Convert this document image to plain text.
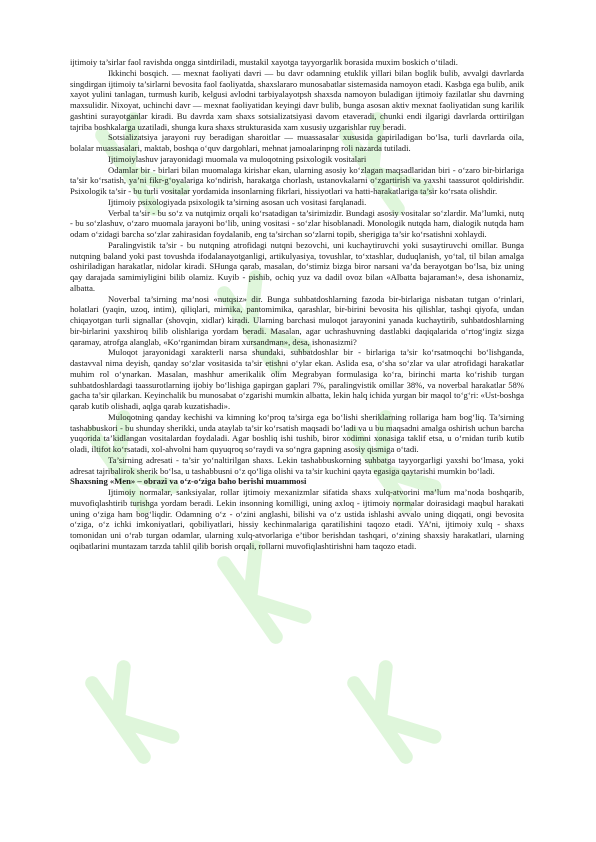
ijtimoiy ta’sirlar faol ravishda ongga sintdiriladi, mustakil xayotga tayyorgarlik borasida muxim boskich o‘tiladi.

Ikkinchi bosqich. — mexnat faoliyati davri — bu davr odamning etuklik yillari bilan boglik bulib, avvalgi davrlarda singdirgan ijtimoiy ta’sirlarni bevosita faol faoliyatda, shaxslararo munosabatlar sistemasida namoyon etadi. Kasbga ega bulib, anik xayot yulini tanlagan, turmush kurib, kelgusi avlodni tarbiyalayotpsh shaxsda namoyon buladigan ijtimoiy fazilatlar shu davrning maxsulidir. Nixoyat, uchinchi davr — mexnat faoliyatidan keyingi davr bulib, bunga asosan aktiv mexnat faoliyatidan sung karilik gashtini surayotganlar kiradi. Bu davrda xam shaxs sotsializatsiyasi davom etaveradi, chunki endi ilgarigi davrlarda orttirilgan tajriba boshkalarga uzatiladi, shunga kura shaxs strukturasida xam xususiy uzgarishlar ruy beradi.

Sotsializatsiya jarayoni ruy beradigan sharoitlar — muassasalar xususida gapiriladigan bo‘lsa, turli davrlarda oila, bolalar muassasalari, maktab, boshqa o‘quv dargohlari, mehnat jamoalarinpng roli nazarda tutiladi.

Ijtimoiylashuv jarayonidagi muomala va muloqotning psixologik vositalari

Odamlar bir - birlari bilan muomalaga kirishar ekan, ularning asosiy ko‘zlagan maqsadlaridan biri - o‘zaro bir-birlariga ta’sir ko‘rsatish, ya’ni fikr-g‘oyalariga ko‘ndirish, harakatga chorlash, ustanovkalarni o‘zgartirish va yaxshi taassurot qoldirishdir. Psixologik ta’sir - bu turli vositalar yordamida insonlarning fikrlari, hissiyotlari va hatti-harakatlariga ta’sir ko‘rsata olishdir.

Ijtimoiy psixologiyada psixologik ta’sirning asosan uch vositasi farqlanadi.

Verbal ta’sir - bu so‘z va nutqimiz orqali ko‘rsatadigan ta’sirimizdir. Bundagi asosiy vositalar so‘zlardir. Ma’lumki, nutq - bu so‘zlashuv, o‘zaro muomala jarayoni bo‘lib, uning vositasi - so‘zlar hisoblanadi. Monologik nutqda ham, dialogik nutqda ham odam o‘zidagi barcha so‘zlar zahirasidan foydalanib, eng ta’sirchan so‘zlarni topib, sherigiga ta’sir ko‘rsatishni xohlaydi.

Paralingvistik ta’sir - bu nutqning atrofidagi nutqni bezovchi, uni kuchaytiruvchi yoki susaytiruvchi omillar. Bunga nutqning baland yoki past tovushda ifodalanayotganligi, artikulyasiya, tovushlar, to‘xtashlar, duduqlanish, yo‘tal, til bilan amalga oshiriladigan harakatlar, nidolar kiradi. SHunga qarab, masalan, do‘stimiz bizga biror narsani va’da berayotgan bo‘lsa, biz uning qay darajada samimiyligini bilib olamiz. Kuyib - pishib, ochiq yuz va dadil ovoz bilan «Albatta bajaraman!», desa ishonamiz, albatta.

Noverbal ta’sirning ma’nosi «nutqsiz» dir. Bunga suhbatdoshlarning fazoda bir-birlariga nisbatan tutgan o‘rinlari, holatlari (yaqin, uzoq, intim), qiliqlari, mimika, pantomimika, qarashlar, bir-birini bevosita his qilishlar, tashqi qiyofa, undan chiqayotgan turli signallar (shovqin, xidlar) kiradi. Ularning barchasi muloqot jarayonini yanada kuchaytirib, suhbatdoshlarning bir-birlarini yaxshiroq bilib olishlariga yordam beradi. Masalan, agar uchrashuvning dastlabki daqiqalarida o‘rtog‘ingiz sizga qaramay, atrofga alanglab, «Ko‘rganimdan biram xursandman», desa, ishonasizmi?

Muloqot jarayonidagi xarakterli narsa shundaki, suhbatdoshlar bir - birlariga ta’sir ko‘rsatmoqchi bo‘lishganda, dastavval nima deyish, qanday so‘zlar vositasida ta’sir etishni o‘ylar ekan. Aslida esa, o‘sha so‘zlar va ular atrofidagi harakatlar muhim rol o‘ynarkan. Masalan, mashhur amerikalik olim Megrabyan formulasiga ko‘ra, birinchi marta ko‘rishib turgan suhbatdoshlardagi taassurotlarning ijobiy bo‘lishiga gapirgan gaplari 7%, paralingvistik omillar 38%, va noverbal harakatlar 58% gacha ta’sir qilarkan. Keyinchalik bu munosabat o‘zgarishi mumkin albatta, lekin halq ichida yurgan bir maqol to‘g‘ri: «Ust-boshga qarab kutib olishadi, aqlga qarab kuzatishadi».

Muloqotning qanday kechishi va kimning ko‘proq ta’sirga ega bo‘lishi sheriklarning rollariga ham bog‘liq. Ta’sirning tashabbuskori - bu shunday sherikki, unda ataylab ta’sir ko‘rsatish maqsadi bo‘ladi va u bu maqsadni amalga oshirish uchun barcha yuqorida ta’kidlangan vositalardan foydaladi. Agar boshliq ishi tushib, biror xodimni xonasiga taklif etsa, u o‘rnidan turib kutib oladi, iltifot ko‘rsatadi, xol-ahvolni ham quyuqroq so‘raydi va so‘ngra gapning asosiy qismiga o‘tadi.

Ta’sirning adresati - ta’sir yo‘naltirilgan shaxs. Lekin tashabbuskorning suhbatga tayyorgarligi yaxshi bo‘lmasa, yoki adresat tajribalirok sherik bo‘lsa, u tashabbusni o‘z qo‘liga olishi va ta’sir kuchini qayta egasiga qaytarishi mumkin bo‘ladi.

Shaxsning «Men» – obrazi va o‘z-o‘ziga baho berishi muammosi

Ijtimoiy normalar, sanksiyalar, rollar ijtimoiy mexanizmlar sifatida shaxs xulq-atvorini ma’lum ma’noda boshqarib, muvofiqlashtirib turishga yordam beradi. Lekin insonning komilligi, uning axloq - ijtimoiy normalar doirasidagi maqbul harakati uning o‘ziga ham bog‘liqdir. Odamning o‘z - o‘zini anglashi, bilishi va o‘z ustida ishlashi avvalo uning diqqati, ongi bevosita o‘ziga, o‘z ichki imkoniyatlari, qobiliyatlari, hissiy kechinmalariga qaratilishini taqozo etadi. YA’ni, ijtimoiy xulq - shaxs tomonidan uni o‘rab turgan odamlar, ularning xulq-atvorlariga e’tibor berishdan tashqari, o‘zining shaxsiy harakatlari, ularning oqibatlarini muntazam tarzda tahlil qilib borish orqali, rollarni muvofiqlashtirishni ham taqozo etadi.
